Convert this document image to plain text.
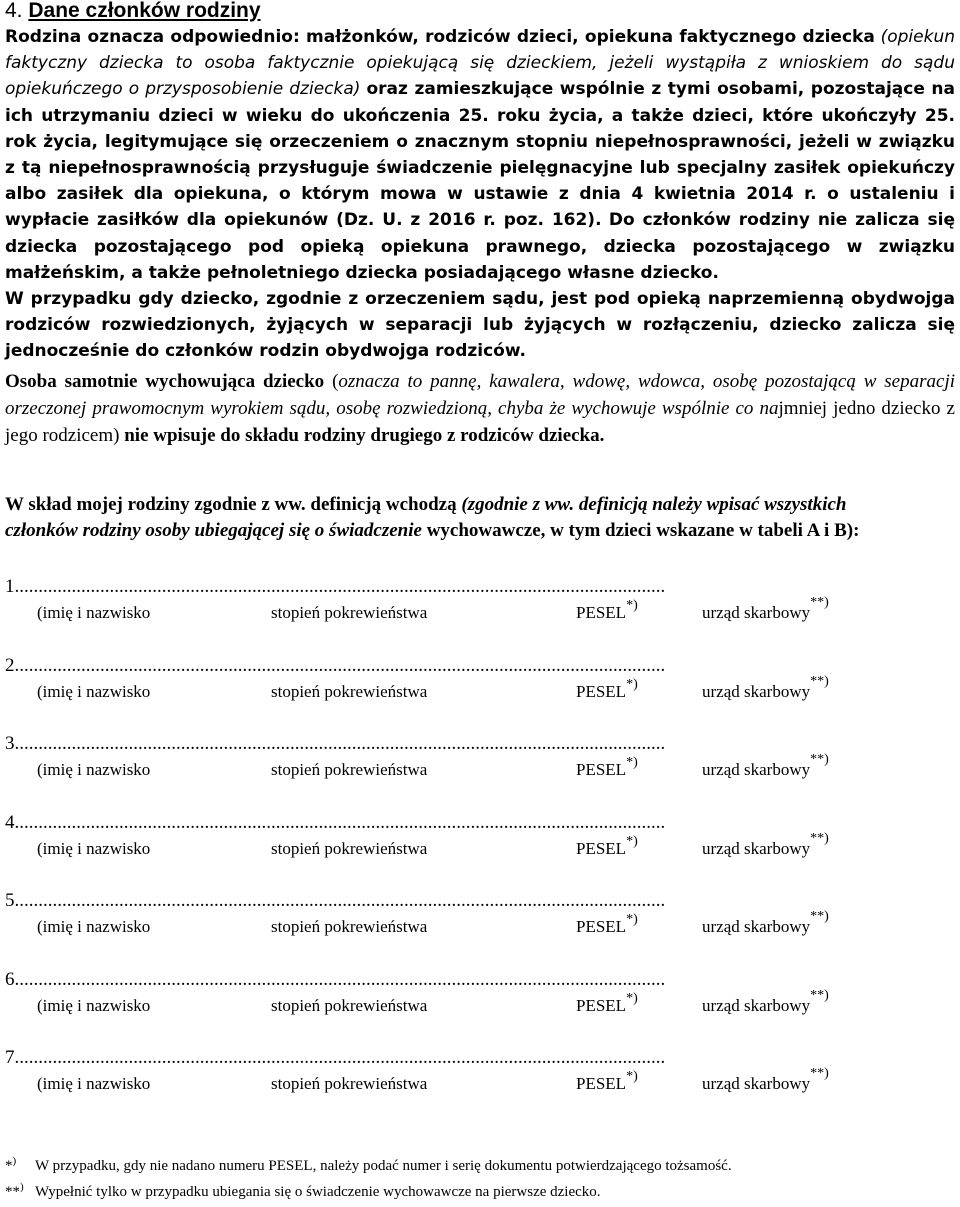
4. Dane członków rodziny

Rodzina oznacza odpowiednio: małżonków, rodziców dzieci, opiekuna faktycznego dziecka (opiekun faktyczny dziecka to osoba faktycznie opiekującą się dzieckiem, jeżeli wystąpiła z wnioskiem do sądu opiekuńczego o przysposobienie dziecka) oraz zamieszkujące wspólnie z tymi osobami, pozostające na ich utrzymaniu dzieci w wieku do ukończenia 25. roku życia, a także dzieci, które ukończyły 25. rok życia, legitymujące się orzeczeniem o znacznym stopniu niepełnosprawności, jeżeli w związku z tą niepełnosprawnością przysługuje świadczenie pielęgnacyjne lub specjalny zasiłek opiekuńczy albo zasiłek dla opiekuna, o którym mowa w ustawie z dnia 4 kwietnia 2014 r. o ustaleniu i wypłacie zasiłków dla opiekunów (Dz. U. z 2016 r. poz. 162). Do członków rodziny nie zalicza się dziecka pozostającego pod opieką opiekuna prawnego, dziecka pozostającego w związku małżeńskim, a także pełnoletniego dziecka posiadającego własne dziecko.

W przypadku gdy dziecko, zgodnie z orzeczeniem sądu, jest pod opieką naprzemienną obydwojga rodziców rozwiedzionych, żyjących w separacji lub żyjących w rozłączeniu, dziecko zalicza się jednocześnie do członków rodzin obydwojga rodziców.

Osoba samotnie wychowująca dziecko (oznacza to pannę, kawalera, wdowę, wdowca, osobę pozostającą w separacji orzeczonej prawomocnym wyrokiem sądu, osobę rozwiedzioną, chyba że wychowuje wspólnie co najmniej jedno dziecko z jego rodzicem) nie wpisuje do składu rodziny drugiego z rodziców dziecka.

W skład mojej rodziny zgodnie z ww. definicją wchodzą (zgodnie z ww. definicją należy wpisać wszystkich członków rodziny osoby ubiegającej się o świadczenie wychowawcze, w tym dzieci wskazane w tabeli A i B):
1.........................................................................................................................................
(imię i nazwisko	stopień pokrewieństwa	PESEL*)	urząd skarbowy**)
2.........................................................................................................................................
(imię i nazwisko	stopień pokrewieństwa	PESEL*)	urząd skarbowy**)
3.........................................................................................................................................
(imię i nazwisko	stopień pokrewieństwa	PESEL*)	urząd skarbowy**)
4.........................................................................................................................................
(imię i nazwisko	stopień pokrewieństwa	PESEL*)	urząd skarbowy**)
5.........................................................................................................................................
(imię i nazwisko	stopień pokrewieństwa	PESEL*)	urząd skarbowy**)
6.........................................................................................................................................
(imię i nazwisko	stopień pokrewieństwa	PESEL*)	urząd skarbowy**)
7.........................................................................................................................................
(imię i nazwisko	stopień pokrewieństwa	PESEL*)	urząd skarbowy**)
*) W przypadku, gdy nie nadano numeru PESEL, należy podać numer i serię dokumentu potwierdzającego tożsamość.
**) Wypełnić tylko w przypadku ubiegania się o świadczenie wychowawcze na pierwsze dziecko.
